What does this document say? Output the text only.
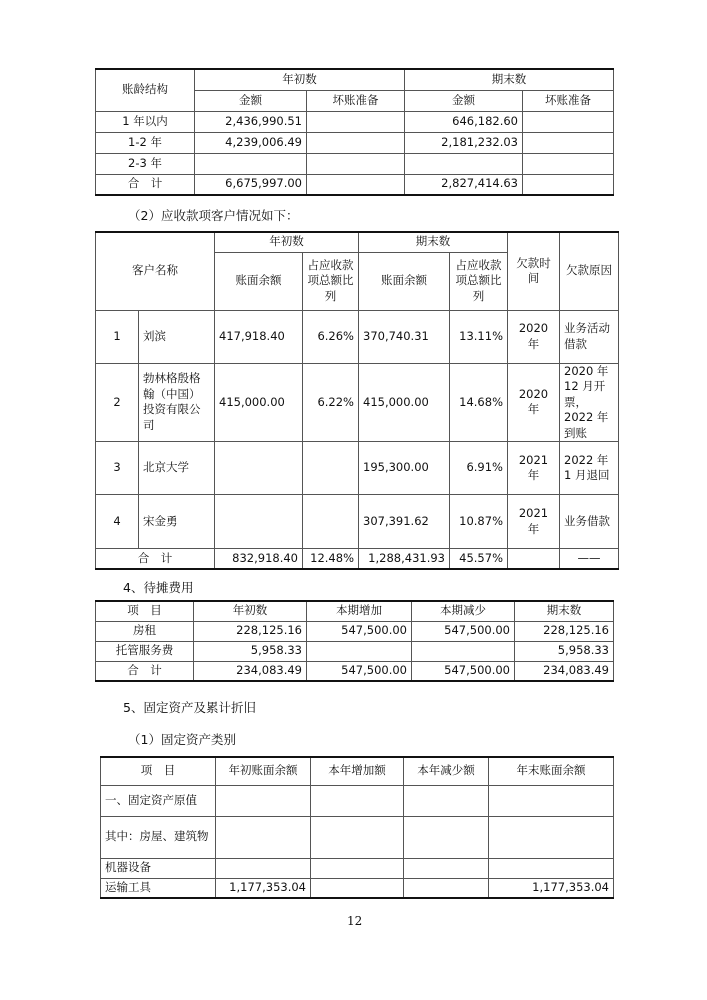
账龄结构	年初数		期末数	
	金额	坏账准备	金额	坏账准备
1 年以内	2,436,990.51		646,182.60	
1-2 年	4,239,006.49		2,181,232.03	
2-3 年				
合　计	6,675,997.00		2,827,414.63	
（2）应收款项客户情况如下：
客户名称		年初数		期末数		欠款时间	欠款原因
		账面余额	占应收款项总额比列	账面余额	占应收款项总额比列		
1	刘滨	417,918.40	6.26%	370,740.31	13.11%	2020 年	业务活动借款
2	勃林格殷格翰（中国）投资有限公司	415,000.00	6.22%	415,000.00	14.68%	2020 年	2020 年 12 月开票，2022 年到账
3	北京大学			195,300.00	6.91%	2021 年	2022 年 1 月退回
4	宋金勇			307,391.62	10.87%	2021 年	业务借款
合　计		832,918.40	12.48%	1,288,431.93	45.57%		——
4、待摊费用
项　目	年初数	本期增加	本期减少	期末数
房租	228,125.16	547,500.00	547,500.00	228,125.16
托管服务费	5,958.33			5,958.33
合　计	234,083.49	547,500.00	547,500.00	234,083.49
5、固定资产及累计折旧
（1）固定资产类别
项　目	年初账面余额	本年增加额	本年减少额	年末账面余额
一、固定资产原值				
其中：房屋、建筑物				
机器设备				
运输工具	1,177,353.04			1,177,353.04
12
